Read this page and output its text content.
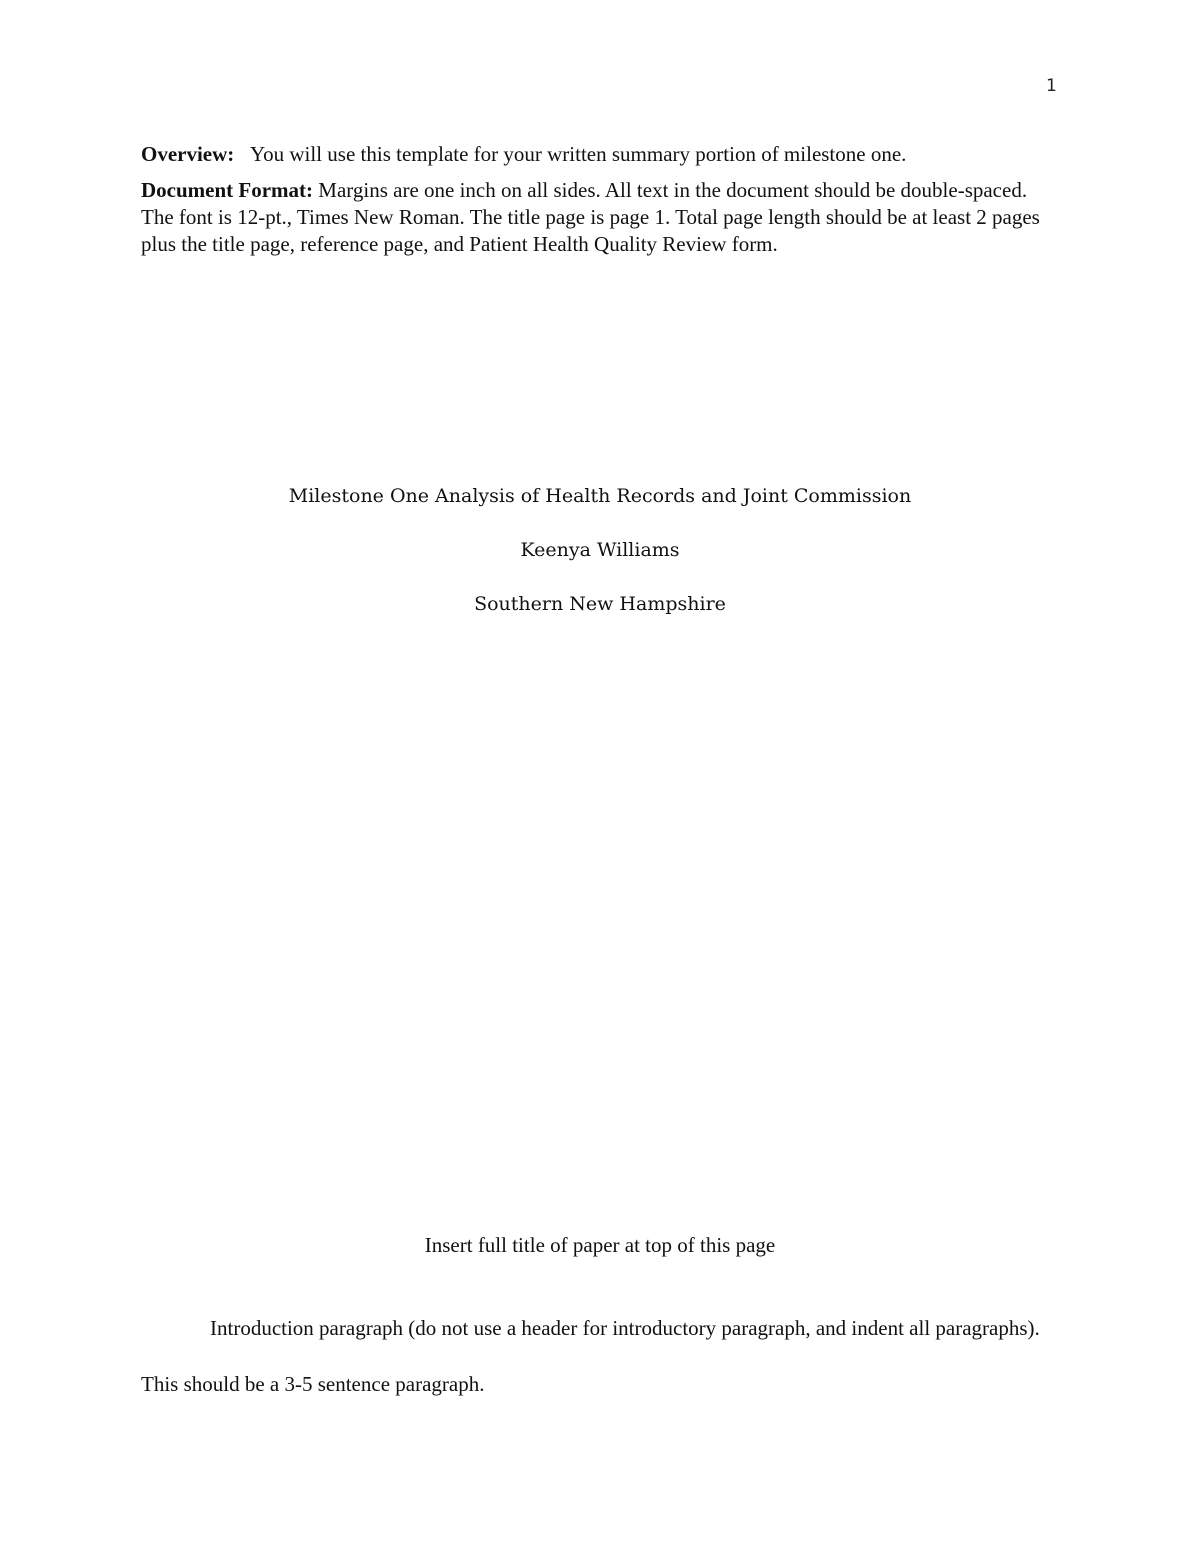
1

Overview: You will use this template for your written summary portion of milestone one.

Document Format: Margins are one inch on all sides. All text in the document should be double-spaced. The font is 12-pt., Times New Roman. The title page is page 1. Total page length should be at least 2 pages plus the title page, reference page, and Patient Health Quality Review form.

Milestone One Analysis of Health Records and Joint Commission
Keenya Williams
Southern New Hampshire
Insert full title of paper at top of this page

Introduction paragraph (do not use a header for introductory paragraph, and indent all paragraphs). This should be a 3-5 sentence paragraph.
